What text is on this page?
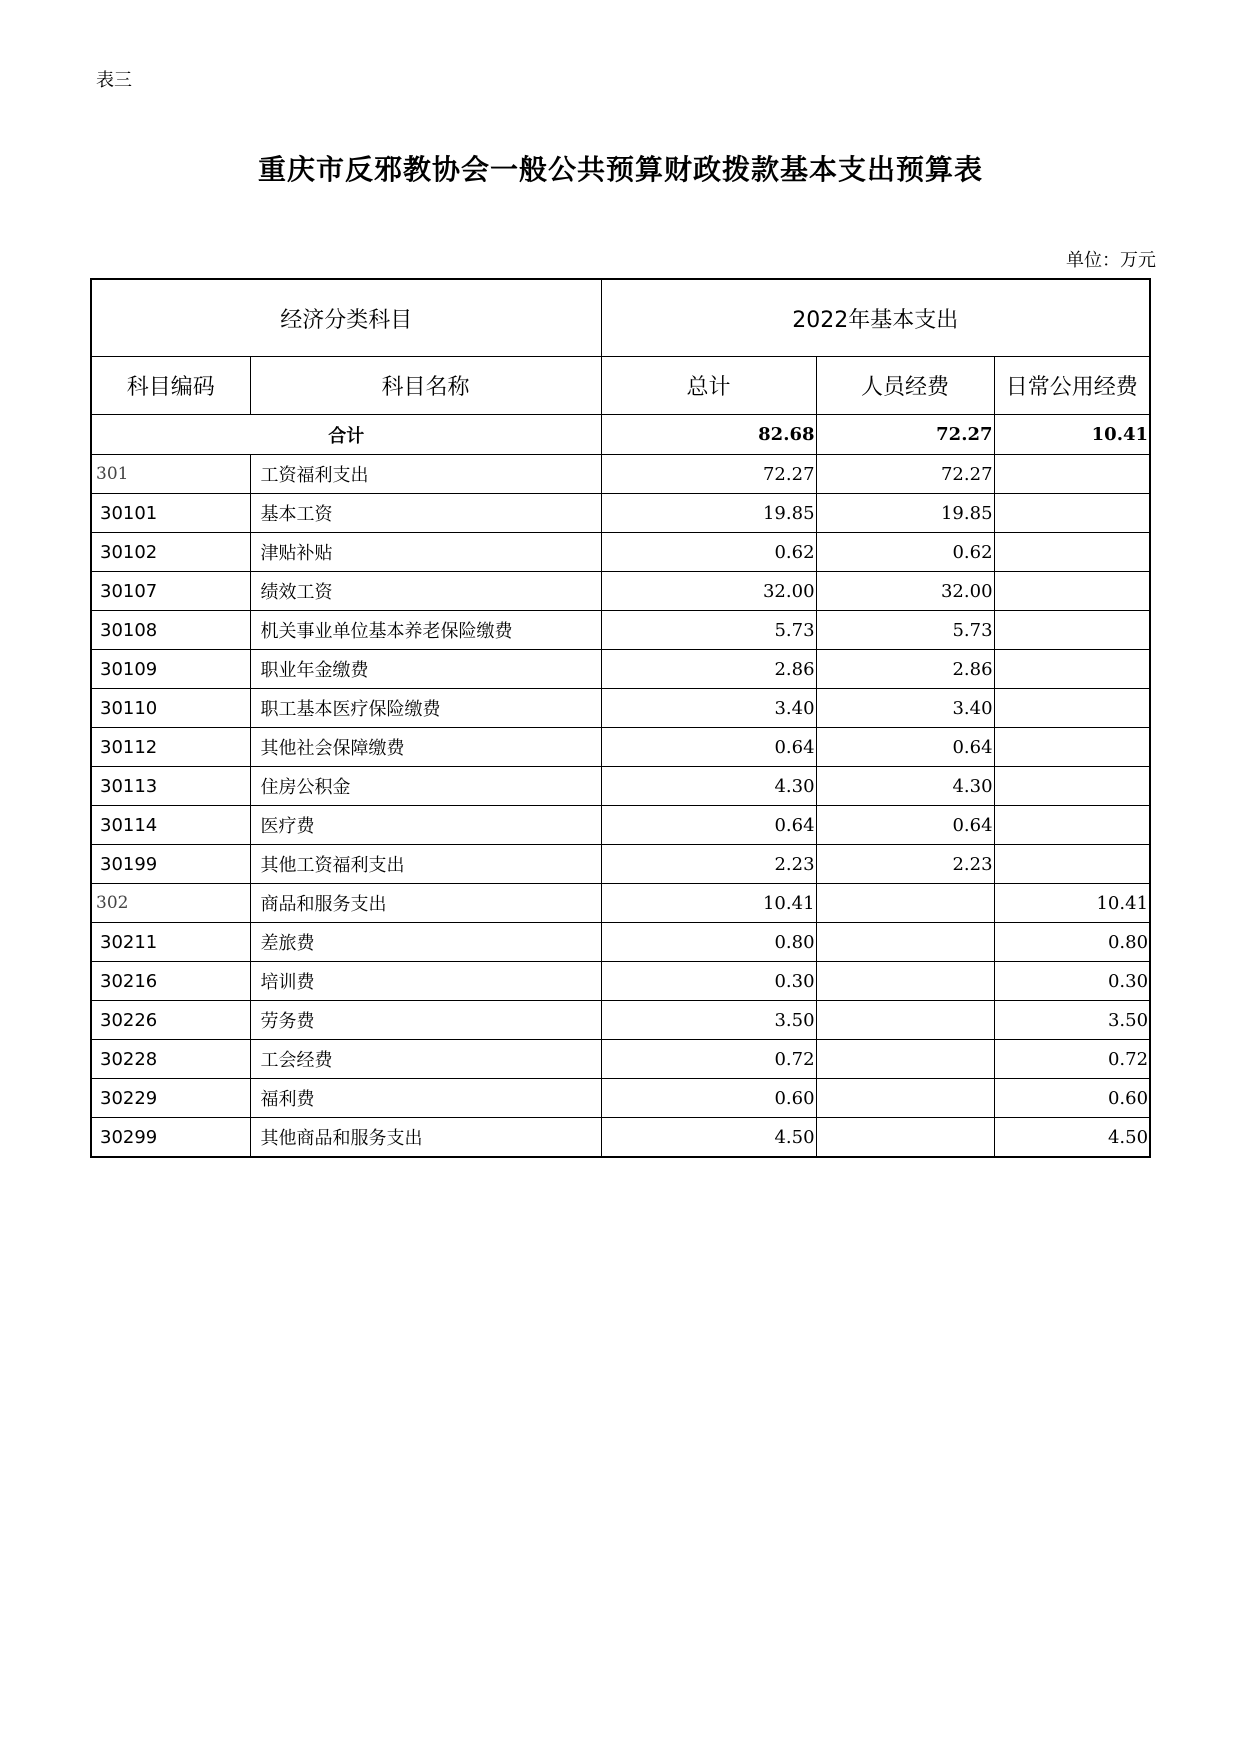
表三
重庆市反邪教协会一般公共预算财政拨款基本支出预算表
单位：万元
经济分类科目		2022年基本支出		
科目编码	科目名称	总计	人员经费	日常公用经费
合计		82.68	72.27	10.41
301	工资福利支出	72.27	72.27	
30101	基本工资	19.85	19.85	
30102	津贴补贴	0.62	0.62	
30107	绩效工资	32.00	32.00	
30108	机关事业单位基本养老保险缴费	5.73	5.73	
30109	职业年金缴费	2.86	2.86	
30110	职工基本医疗保险缴费	3.40	3.40	
30112	其他社会保障缴费	0.64	0.64	
30113	住房公积金	4.30	4.30	
30114	医疗费	0.64	0.64	
30199	其他工资福利支出	2.23	2.23	
302	商品和服务支出	10.41		10.41
30211	差旅费	0.80		0.80
30216	培训费	0.30		0.30
30226	劳务费	3.50		3.50
30228	工会经费	0.72		0.72
30229	福利费	0.60		0.60
30299	其他商品和服务支出	4.50		4.50
